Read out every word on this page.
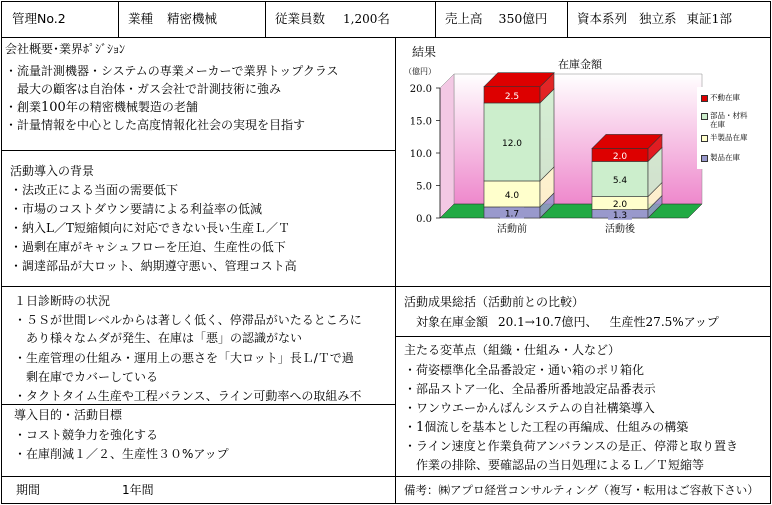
管理No.2	業種 精密機械	従業員数 1,200名	売上高 350億円 資本系列 独立系 東証1部
会社概要･業界ﾎﾟｼﾞｼｮﾝ
・流量計測機器・システムの専業メーカーで業界トップクラス
　最大の顧客は自治体・ガス会社で計測技術に強み
・創業100年の精密機械製造の老舗
・計量情報を中心とした高度情報化社会の実現を目指す
活動導入の背景
・法改正による当面の需要低下
・市場のコストダウン要請による利益率の低減
・納入L／T短縮傾向に対応できない長い生産Ｌ／Ｔ
・過剰在庫がキャシュフローを圧迫、生産性の低下
・調達部品が大ロット、納期遵守悪い、管理コスト高
１日診断時の状況
・５Ｓが世間レベルからは著しく低く、停滞品がいたるところに
　あり様々なムダが発生、在庫は「悪」の認識がない
・生産管理の仕組み・運用上の悪さを「大ロット」長Ｌ/Ｔで過
　剰在庫でカバーしている
・タクトタイム生産や工程バランス、ライン可動率への取組み不
導入目的・活動目標
・コスト競争力を強化する
・在庫削減１／２、生産性３０%アップ
期間	1年間
結果
20.0
15.0
10.0
5.0
0.0
（億円）
在庫金額
1.7
4.0
12.0
2.5
活動前
1.3
2.0
5.4
2.0
活動後
不動在庫
部品・材料
在庫
半製品在庫
製品在庫
活動成果総括（活動前との比較）
対象在庫金額 20.1→10.7億円、 生産性27.5%アップ
主たる変革点（組織・仕組み・人など）
・荷姿標準化全品番設定・通い箱のポリ箱化
・部品ストア一化、全品番所番地設定品番表示
・ワンウエーかんばんシステムの自社構築導入
・1個流しを基本とした工程の再編成、仕組みの構築
・ライン速度と作業負荷アンバランスの是正、停滞と取り置き
　作業の排除、要確認品の当日処理によるＬ／Ｔ短縮等
備考：㈱アプロ経営コンサルティング（複写・転用はご容赦下さい）
